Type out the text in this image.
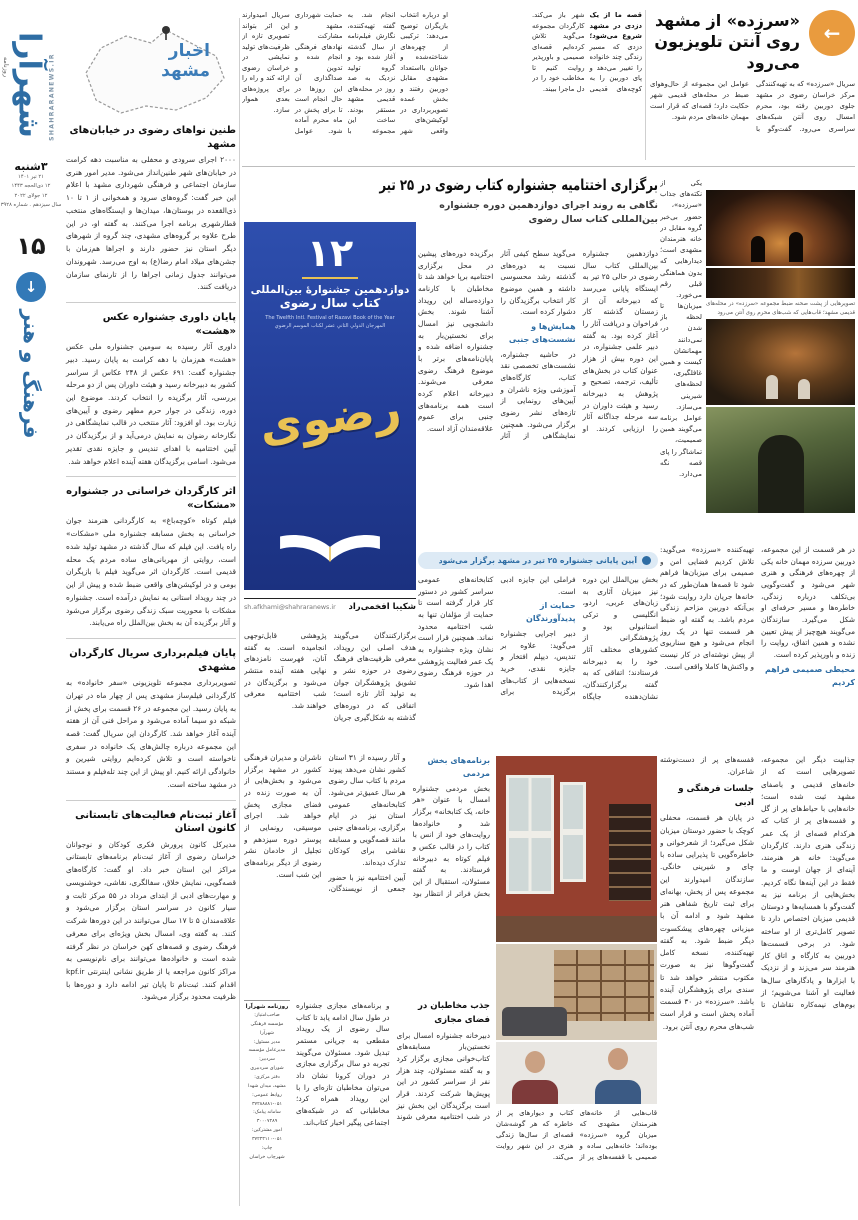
روزنامه شهرآرا SHAHRARANEWS.IR
۳شنبه
۲۱ تیر ۱۴۰۱
۱۲ ذی‌الحجه ۱۴۴۳
۱۲ جولای ۲۰۲۲
سال سیزدهم . شماره ۳۹۲۸
۱۵
↓
فرهنگ و هنر
اخبار
مشهد
طنین نواهای رضوی در خیابان‌های مشهد
۲۰۰۰ اجرای سرودی و محفلی به مناسبت دهه کرامت در خیابان‌های شهر طنین‌انداز می‌شود. مدیر امور هنری سازمان اجتماعی و فرهنگی شهرداری مشهد با اعلام این خبر گفت: گروه‌های سرود و همخوانی از ۱ تا ۱۰ ذی‌القعده در بوستان‌ها، میدان‌ها و ایستگاه‌های منتخب قطارشهری برنامه اجرا می‌کنند. به گفته او، در این طرح علاوه بر گروه‌های مشهدی، چند گروه از شهرهای دیگر استان نیز حضور دارند و اجراها هم‌زمان با جشن‌های میلاد امام رضا(ع) به اوج می‌رسد. شهروندان می‌توانند جدول زمانی اجراها را از تارنمای سازمان دریافت کنند.
پایان داوری جشنواره عکس «هشت»
داوری آثار رسیده به سومین جشنواره ملی عکس «هشت» هم‌زمان با دهه کرامت به پایان رسید. دبیر جشنواره گفت: ۶۹۱ عکس از ۲۴۸ عکاس از سراسر کشور به دبیرخانه رسید و هیئت داوران پس از دو مرحله بررسی، آثار برگزیده را انتخاب کردند. موضوع این دوره، زندگی در جوار حرم مطهر رضوی و آیین‌های زیارت بود. او افزود: آثار منتخب در قالب نمایشگاهی در نگارخانه رضوان به نمایش درمی‌آید و از برگزیدگان در آیین اختتامیه با اهدای تندیس و جایزه نقدی تقدیر می‌شود. اسامی برگزیدگان هفته آینده اعلام خواهد شد.
اثر کارگردان خراسانی در جشنواره «مشکات»
فیلم کوتاه «کوچه‌باغ» به کارگردانی هنرمند جوان خراسانی به بخش مسابقه جشنواره ملی «مشکات» راه یافت. این فیلم که سال گذشته در مشهد تولید شده است، روایتی از مهربانی‌های ساده مردم یک محله قدیمی است. کارگردان اثر می‌گوید فیلم با بازیگران بومی و در لوکیشن‌های واقعی ضبط شده و پیش از این در چند رویداد استانی به نمایش درآمده است. جشنواره مشکات با محوریت سبک زندگی رضوی برگزار می‌شود و آثار برگزیده آن به بخش بین‌الملل راه می‌یابند.
پایان فیلم‌برداری سریال کارگردان مشهدی
تصویربرداری مجموعه تلویزیونی «سفر خانواده» به کارگردانی فیلم‌ساز مشهدی پس از چهار ماه در تهران به پایان رسید. این مجموعه در ۲۶ قسمت برای پخش از شبکه دو سیما آماده می‌شود و مراحل فنی آن از هفته آینده آغاز خواهد شد. کارگردان این سریال گفت: قصه این مجموعه درباره چالش‌های یک خانواده در سفری ناخواسته است و تلاش کرده‌ایم روایتی شیرین و خانوادگی ارائه کنیم. او پیش از این چند تله‌فیلم و مستند در مشهد ساخته است.
آغاز ثبت‌نام فعالیت‌های تابستانی کانون استان
مدیرکل کانون پرورش فکری کودکان و نوجوانان خراسان رضوی از آغاز ثبت‌نام برنامه‌های تابستانی مراکز این استان خبر داد. او گفت: کارگاه‌های قصه‌گویی، نمایش خلاق، سفالگری، نقاشی، خوشنویسی و مهارت‌های ادبی از ابتدای مرداد در ۵۵ مرکز ثابت و سیار کانون در سراسر استان برگزار می‌شود و علاقه‌مندان ۵ تا ۱۷ سال می‌توانند در این دوره‌ها شرکت کنند. به گفته وی، امسال بخش ویژه‌ای برای معرفی فرهنگ رضوی و قصه‌های کهن خراسان در نظر گرفته شده است و خانواده‌ها می‌توانند برای نام‌نویسی به مراکز کانون مراجعه یا از طریق نشانی اینترنتی kpf.ir اقدام کنند. ثبت‌نام تا پایان تیر ادامه دارد و دوره‌ها با ظرفیت محدود برگزار می‌شود.

او درباره انتخاب بازیگران توضیح می‌دهد: ترکیبی از چهره‌های شناخته‌شده و جوانان بااستعداد مشهدی مقابل دوربین رفتند و بخش عمده تصویربرداری در لوکیشن‌های واقعی شهر انجام شد. به گفته تهیه‌کننده، نگارش فیلم‌نامه از سال گذشته آغاز شده بود و گروه تولید نزدیک به صد روز در محله‌های قدیمی مشهد مستقر بودند. ساخت این مجموعه با حمایت شهرداری مشهد و مشارکت نهادهای فرهنگی انجام شده و تدوین و صداگذاری آن این روزها در حال انجام است تا برای پخش در ماه محرم آماده شود. عوامل سریال امیدوارند این اثر بتواند تصویری تازه از ظرفیت‌های تولید نمایشی در خراسان رضوی ارائه کند و راه را برای پروژه‌های بعدی هموار سازد.

قصه ما از یک دزدی در مشهد شروع می‌شود؛ دزدی که مسیر زندگی چند خانواده را تغییر می‌دهد و پای دوربین را به کوچه‌های قدیمی شهر باز می‌کند. کارگردان مجموعه می‌گوید تلاش کرده‌ایم قصه‌ای صمیمی و باورپذیر روایت کنیم تا مخاطب خود را در دل ماجرا ببیند.

←
«سرزده» از مشهد روی آنتن تلویزیون می‌رود

سریال «سرزده» که به تهیه‌کنندگی مرکز خراسان رضوی در مشهد جلوی دوربین رفته بود، محرم امسال روی آنتن شبکه‌های سراسری می‌رود. گفت‌وگو با عوامل این مجموعه از حال‌وهوای ضبط در محله‌های قدیمی شهر حکایت دارد؛ قصه‌ای که قرار است مهمان خانه‌های مردم شود.

برگزاری اختتامیه جشنواره کتاب رضوی در ۲۵ تیر
نگاهی به روند اجرای دوازدهمین دوره جشنواره بین‌المللی کتاب سال رضوی
۱۲
دوازدهمین جشنوارهٔ بین‌المللی
کتاب سال رضوی
The Twelfth Intl. Festival of Razavi Book of the Year
المهرجان الدولي الثاني عشر لكتاب الموسم الرضوي
رضوی
شکیبا افخمی‌راد
sh.afkhami@shahraranews.ir

دوازدهمین جشنواره بین‌المللی کتاب سال رضوی در حالی ۲۵ تیر به ایستگاه پایانی می‌رسد که دبیرخانه آن از زمستان گذشته کار فراخوان و دریافت آثار را آغاز کرده بود. به گفته دبیر علمی جشنواره، در این دوره بیش از هزار عنوان کتاب در بخش‌های تألیف، ترجمه، تصحیح و پژوهش به دبیرخانه رسید و هیئت داوران در سه مرحله جداگانه آثار را ارزیابی کردند. او می‌گوید سطح کیفی آثار نسبت به دوره‌های گذشته رشد محسوسی داشته و همین موضوع کار انتخاب برگزیدگان را دشوار کرده است.

همایش‌ها و نشست‌های جنبی

در حاشیه جشنواره، نشست‌های تخصصی نقد کتاب، کارگاه‌های آموزشی ویژه ناشران و آیین‌های رونمایی از تازه‌های نشر رضوی برگزار می‌شود. همچنین نمایشگاهی از آثار برگزیده دوره‌های پیشین در محل برگزاری اختتامیه برپا خواهد شد تا مخاطبان با کارنامه دوازده‌ساله این رویداد آشنا شوند. بخش دانشجویی نیز امسال برای نخستین‌بار به جشنواره اضافه شده و پایان‌نامه‌های برتر با موضوع فرهنگ رضوی معرفی می‌شوند. دبیرخانه اعلام کرده است همه برنامه‌های جنبی برای عموم علاقه‌مندان آزاد است.

آیین پایانی جشنواره ۲۵ تیر در مشهد برگزار می‌شود

بخش بین‌الملل این دوره نیز میزبان آثاری به زبان‌های عربی، اردو، انگلیسی و ترکی استانبولی بود و پژوهشگرانی از کشورهای مختلف آثار خود را به دبیرخانه فرستادند؛ اتفاقی که به گفته برگزارکنندگان، نشان‌دهنده جایگاه فراملی این جایزه ادبی است.

حمایت از پدیدآورندگان

دبیر اجرایی جشنواره می‌گوید: علاوه بر تندیس، دیپلم افتخار و جایزه نقدی، خرید نسخه‌هایی از کتاب‌های برگزیده برای کتابخانه‌های عمومی سراسر کشور در دستور کار قرار گرفته است تا حمایت از مؤلفان تنها به شب اختتامیه محدود نماند. همچنین قرار است نشان ویژه جشنواره به یک عمر فعالیت پژوهشی در حوزه فرهنگ رضوی اهدا شود.

برگزارکنندگان می‌گویند هدف اصلی این رویداد، معرفی ظرفیت‌های فرهنگ رضوی در حوزه نشر و تشویق پژوهشگران جوان به تولید آثار تازه است؛ اتفاقی که در دوره‌های گذشته به شکل‌گیری جریان پژوهشی قابل‌توجهی انجامیده است. به گفته آنان، فهرست نامزدهای نهایی هفته آینده منتشر می‌شود و برگزیدگان در شب اختتامیه معرفی خواهند شد.

برنامه‌های بخش مردمی

بخش مردمی جشنواره امسال با عنوان «هر خانه، یک کتابخانه» برگزار شد و خانواده‌ها روایت‌های خود از انس با کتاب را در قالب عکس و فیلم کوتاه به دبیرخانه فرستادند. به گفته مسئولان، استقبال از این بخش فراتر از انتظار بود و آثار رسیده از ۳۱ استان کشور نشان می‌دهد پیوند مردم با کتاب سال رضوی هر سال عمیق‌تر می‌شود. کتابخانه‌های عمومی استان نیز در ایام برگزاری، برنامه‌های جنبی مانند قصه‌گویی و مسابقه نقاشی برای کودکان تدارک دیده‌اند.

آیین اختتامیه نیز با حضور جمعی از نویسندگان، ناشران و مدیران فرهنگی کشور در مشهد برگزار می‌شود و بخش‌هایی از آن به صورت زنده در فضای مجازی پخش خواهد شد. اجرای موسیقی، رونمایی از پوستر دوره سیزدهم و تجلیل از خادمان نشر رضوی از دیگر برنامه‌های این شب است.

روزنامه شهرآرا
صاحب‌امتیاز:
مؤسسه فرهنگی شهرآرا
مدیر مسئول:
مدیرعامل مؤسسه
سردبیر:
شورای سردبیری
دفتر مرکزی:
مشهد، میدان شهدا
روابط عمومی:
۳۷۲۸۸۸۸۱-۰۵۱
سامانه پیامک:
۳۰۰۰۷۲۸۹
امور مشترکین:
۳۷۲۴۳۱۱۰-۰۵۱
چاپ:
شهرچاپ خراسان
جذب مخاطبان در فضای مجازی

دبیرخانه جشنواره امسال برای نخستین‌بار مسابقه‌های کتاب‌خوانی مجازی برگزار کرد و به گفته مسئولان، چند هزار نفر از سراسر کشور در این پویش‌ها شرکت کردند. قرار است برگزیدگان این بخش نیز در شب اختتامیه معرفی شوند و برنامه‌های مجازی جشنواره در طول سال ادامه یابد تا کتاب سال رضوی از یک رویداد مقطعی به جریانی مستمر تبدیل شود. مسئولان می‌گویند تجربه دو سال برگزاری مجازی در دوران کرونا نشان داد می‌توان مخاطبان تازه‌ای را با این رویداد همراه کرد؛ مخاطبانی که در شبکه‌های اجتماعی پیگیر اخبار کتاب‌اند.

یکی از نکته‌های جذاب «سرزده»، حضور بی‌خبر گروه مقابل در خانه هنرمندان مشهدی است؛ دیدارهایی که بدون هماهنگی قبلی رقم می‌خورد. میزبان‌ها تا لحظه باز شدن در، نمی‌دانند مهمانشان کیست و همین غافلگیری، لحظه‌های شیرینی می‌سازد. عوامل برنامه می‌گویند همین صمیمیت، تماشاگر را پای قصه نگه می‌دارد.

تصویرهایی از پشت صحنه ضبط مجموعه «سرزده» در محله‌های قدیمی مشهد؛ قاب‌هایی که شب‌های محرم روی آنتن می‌رود

در هر قسمت از این مجموعه، دوربین سرزده مهمان خانه یکی از چهره‌های فرهنگی و هنری شهر می‌شود و گفت‌وگویی بی‌تکلف درباره زندگی، خاطره‌ها و مسیر حرفه‌ای او شکل می‌گیرد. سازندگان می‌گویند هیچ‌چیز از پیش تعیین نشده و همین اتفاق، روایت را زنده و باورپذیر کرده است.

محیطی صمیمی فراهم کردیم

تهیه‌کننده «سرزده» می‌گوید: تلاش کردیم فضایی امن و صمیمی برای میزبان‌ها فراهم شود تا قصه‌ها همان‌طور که در خانه‌ها جریان دارد روایت شود؛ بی‌آنکه دوربین مزاحم زندگی مردم باشد. به گفته او، ضبط هر قسمت تنها در یک روز انجام می‌شود و هیچ سناریوی از پیش نوشته‌ای در کار نیست و واکنش‌ها کاملا واقعی است.

قاب‌هایی از خانه‌های هنرمندان مشهدی که میزبان گروه «سرزده» بوده‌اند؛ خانه‌هایی ساده و صمیمی با قفسه‌های پر از کتاب و دیوارهای پر از خاطره که هر گوشه‌شان قصه‌ای از سال‌ها زندگی هنری در این شهر روایت می‌کند.

جذابیت دیگر این مجموعه، تصویرهایی است که از خانه‌های قدیمی و باصفای مشهد ثبت شده است؛ خانه‌هایی با حیاط‌های پر از گل و قفسه‌های پر از کتاب که هرکدام قصه‌ای از یک عمر زندگی هنری دارند. کارگردان می‌گوید: خانه هر هنرمند، آینه‌ای از جهان اوست و ما فقط در این آینه‌ها نگاه کردیم. بخش‌هایی از برنامه نیز به گفت‌وگو با همسایه‌ها و دوستان قدیمی میزبان اختصاص دارد تا تصویر کامل‌تری از او ساخته شود. در برخی قسمت‌ها دوربین به کارگاه و اتاق کار هنرمند سر می‌زند و از نزدیک با ابزارها و یادگارهای سال‌ها فعالیت او آشنا می‌شویم؛ از بوم‌های نیمه‌کاره نقاشان تا قفسه‌های پر از دست‌نوشته شاعران.

جلسات فرهنگی و ادبی

در پایان هر قسمت، محفلی کوچک با حضور دوستان میزبان شکل می‌گیرد؛ از شعرخوانی و خاطره‌گویی تا پذیرایی ساده با چای و شیرینی خانگی. سازندگان امیدوارند این مجموعه پس از پخش، بهانه‌ای برای ثبت تاریخ شفاهی هنر مشهد شود و ادامه آن با میزبانی چهره‌های پیشکسوت دیگر ضبط شود. به گفته تهیه‌کننده، نسخه کامل گفت‌وگوها نیز به صورت مکتوب منتشر خواهد شد تا سندی برای پژوهشگران آینده باشد. «سرزده» در ۳۰ قسمت آماده پخش است و قرار است شب‌های محرم روی آنتن برود.
